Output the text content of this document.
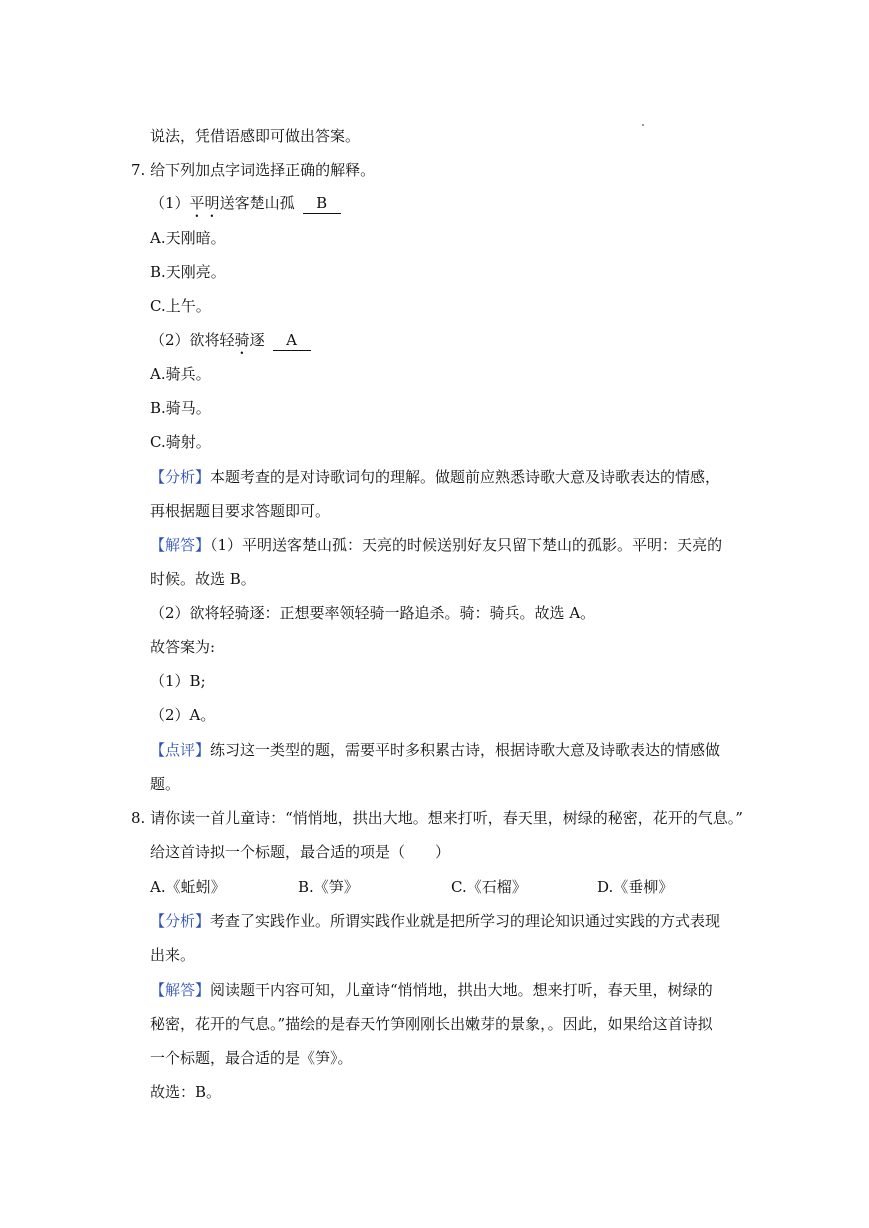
说法，凭借语感即可做出答案。
7. 给下列加点字词选择正确的解释。
（1）平明送客楚山孤 B
A.天刚暗。
B.天刚亮。
C.上午。
（2）欲将轻骑逐 A
A.骑兵。
B.骑马。
C.骑射。
【分析】本题考查的是对诗歌词句的理解。做题前应熟悉诗歌大意及诗歌表达的情感，
再根据题目要求答题即可。
【解答】（1）平明送客楚山孤：天亮的时候送别好友只留下楚山的孤影。平明：天亮的
时候。故选 B。
（2）欲将轻骑逐：正想要率领轻骑一路追杀。骑：骑兵。故选 A。
故答案为:
（1）B;
（2）A。
【点评】练习这一类型的题，需要平时多积累古诗，根据诗歌大意及诗歌表达的情感做
题。
8. 请你读一首儿童诗：“悄悄地，拱出大地。想来打听，春天里，树绿的秘密，花开的气息。”
给这首诗拟一个标题，最合适的项是（　　）
A.《蚯蚓》	B.《笋》	C.《石榴》	D.《垂柳》
【分析】考查了实践作业。所谓实践作业就是把所学习的理论知识通过实践的方式表现
出来。
【解答】阅读题干内容可知，儿童诗“悄悄地，拱出大地。想来打听，春天里，树绿的
秘密，花开的气息。”描绘的是春天竹笋刚刚长出嫩芽的景象，。因此，如果给这首诗拟
一个标题，最合适的是《笋》。
故选：B。
